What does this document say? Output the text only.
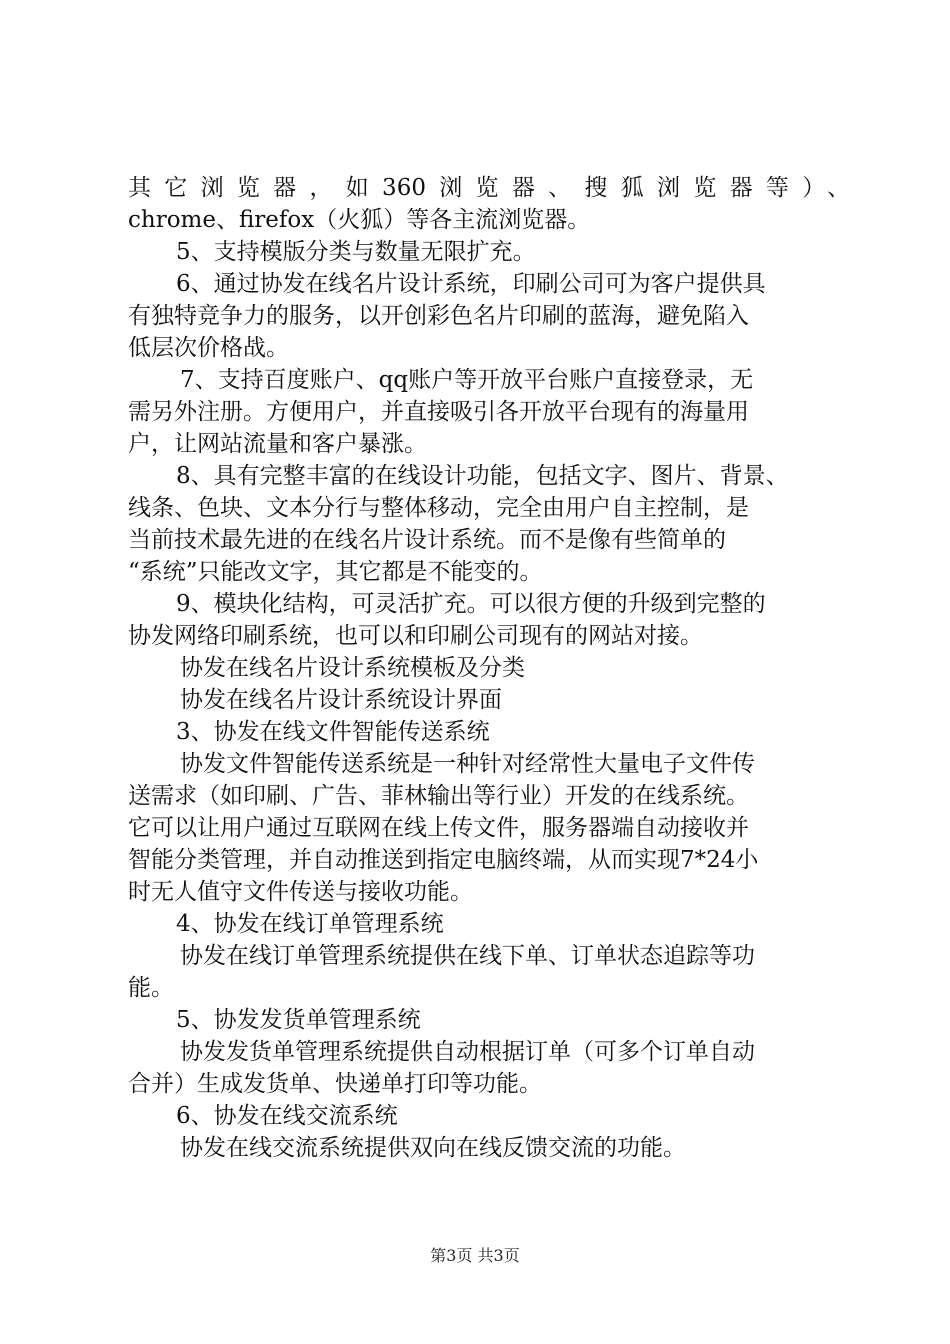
其它浏览器，如360浏览器、搜狐浏览器等）、
chrome、firefox（火狐）等各主流浏览器。
5、支持模版分类与数量无限扩充。
6、通过协发在线名片设计系统，印刷公司可为客户提供具
有独特竞争力的服务，以开创彩色名片印刷的蓝海，避免陷入
低层次价格战。
7、支持百度账户、qq账户等开放平台账户直接登录，无
需另外注册。方便用户，并直接吸引各开放平台现有的海量用
户，让网站流量和客户暴涨。
8、具有完整丰富的在线设计功能，包括文字、图片、背景、
线条、色块、文本分行与整体移动，完全由用户自主控制，是
当前技术最先进的在线名片设计系统。而不是像有些简单的
“系统”只能改文字，其它都是不能变的。
9、模块化结构，可灵活扩充。可以很方便的升级到完整的
协发网络印刷系统，也可以和印刷公司现有的网站对接。
协发在线名片设计系统模板及分类
协发在线名片设计系统设计界面
3、协发在线文件智能传送系统
协发文件智能传送系统是一种针对经常性大量电子文件传
送需求（如印刷、广告、菲林输出等行业）开发的在线系统。
它可以让用户通过互联网在线上传文件，服务器端自动接收并
智能分类管理，并自动推送到指定电脑终端，从而实现7*24小
时无人值守文件传送与接收功能。
4、协发在线订单管理系统
协发在线订单管理系统提供在线下单、订单状态追踪等功
能。
5、协发发货单管理系统
协发发货单管理系统提供自动根据订单（可多个订单自动
合并）生成发货单、快递单打印等功能。
6、协发在线交流系统
协发在线交流系统提供双向在线反馈交流的功能。
第3页 共3页
